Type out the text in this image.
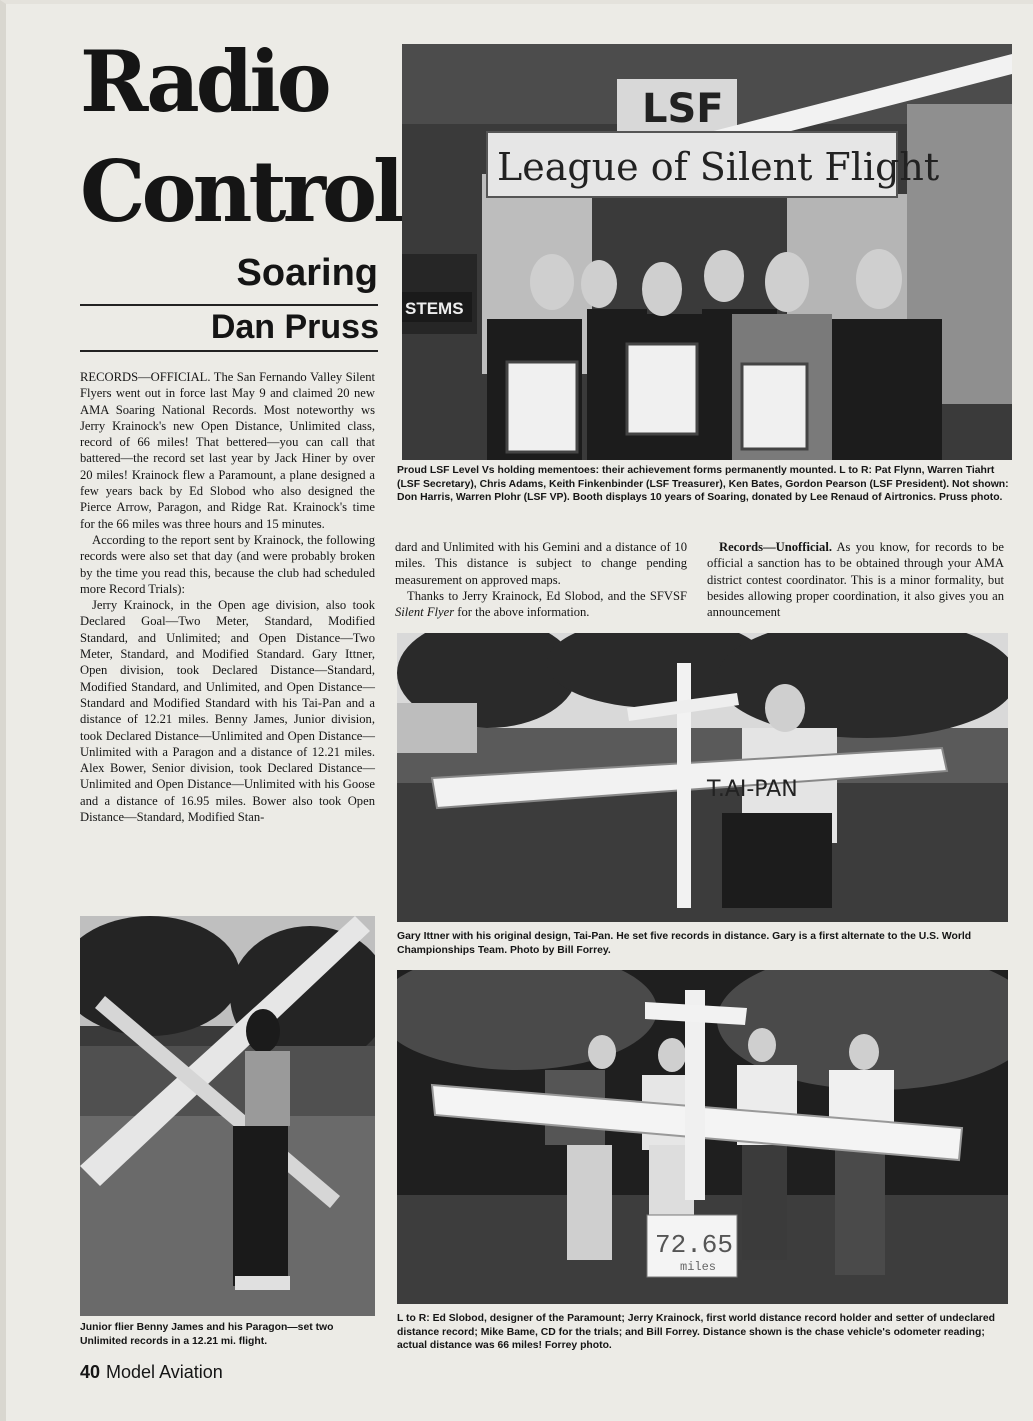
Radio
Control
Soaring
Dan Pruss

RECORDS—OFFICIAL. The San Fernando Valley Silent Flyers went out in force last May 9 and claimed 20 new AMA Soaring National Records. Most noteworthy ws Jerry Krainock's new Open Distance, Unlimited class, record of 66 miles! That bettered—you can call that battered—the record set last year by Jack Hiner by over 20 miles! Krainock flew a Paramount, a plane designed a few years back by Ed Slobod who also designed the Pierce Arrow, Paragon, and Ridge Rat. Krainock's time for the 66 miles was three hours and 15 minutes.

According to the report sent by Krainock, the following records were also set that day (and were probably broken by the time you read this, because the club had scheduled more Record Trials):

Jerry Krainock, in the Open age division, also took Declared Goal—Two Meter, Standard, Modified Standard, and Unlimited; and Open Distance—Two Meter, Standard, and Modified Standard. Gary Ittner, Open division, took Declared Distance—Standard, Modified Standard, and Unlimited, and Open Distance—Standard and Modified Standard with his Tai-Pan and a distance of 12.21 miles. Benny James, Junior division, took Declared Distance—Unlimited and Open Distance—Unlimited with a Paragon and a distance of 12.21 miles. Alex Bower, Senior division, took Declared Distance—Unlimited and Open Distance—Unlimited with his Goose and a distance of 16.95 miles. Bower also took Open Distance—Standard, Modified Stan-

League of Silent Flight
LSF
STEMS

Proud LSF Level Vs holding mementoes: their achievement forms permanently mounted. L to R: Pat Flynn, Warren Tiahrt (LSF Secretary), Chris Adams, Keith Finkenbinder (LSF Treasurer), Ken Bates, Gordon Pearson (LSF President). Not shown: Don Harris, Warren Plohr (LSF VP). Booth displays 10 years of Soaring, donated by Lee Renaud of Airtronics. Pruss photo.

dard and Unlimited with his Gemini and a distance of 10 miles. This distance is subject to change pending measurement on approved maps.

Thanks to Jerry Krainock, Ed Slobod, and the SFVSF Silent Flyer for the above information.

Records—Unofficial. As you know, for records to be official a sanction has to be obtained through your AMA district contest coordinator. This is a minor formality, but besides allowing proper coordination, it also gives you an announcement

T.AI-PAN

Gary Ittner with his original design, Tai-Pan. He set five records in distance. Gary is a first alternate to the U.S. World Championships Team. Photo by Bill Forrey.

Junior flier Benny James and his Paragon—set two Unlimited records in a 12.21 mi. flight.

72.65
miles

L to R: Ed Slobod, designer of the Paramount; Jerry Krainock, first world distance record holder and setter of undeclared distance record; Mike Bame, CD for the trials; and Bill Forrey. Distance shown is the chase vehicle's odometer reading; actual distance was 66 miles! Forrey photo.

40 Model Aviation
